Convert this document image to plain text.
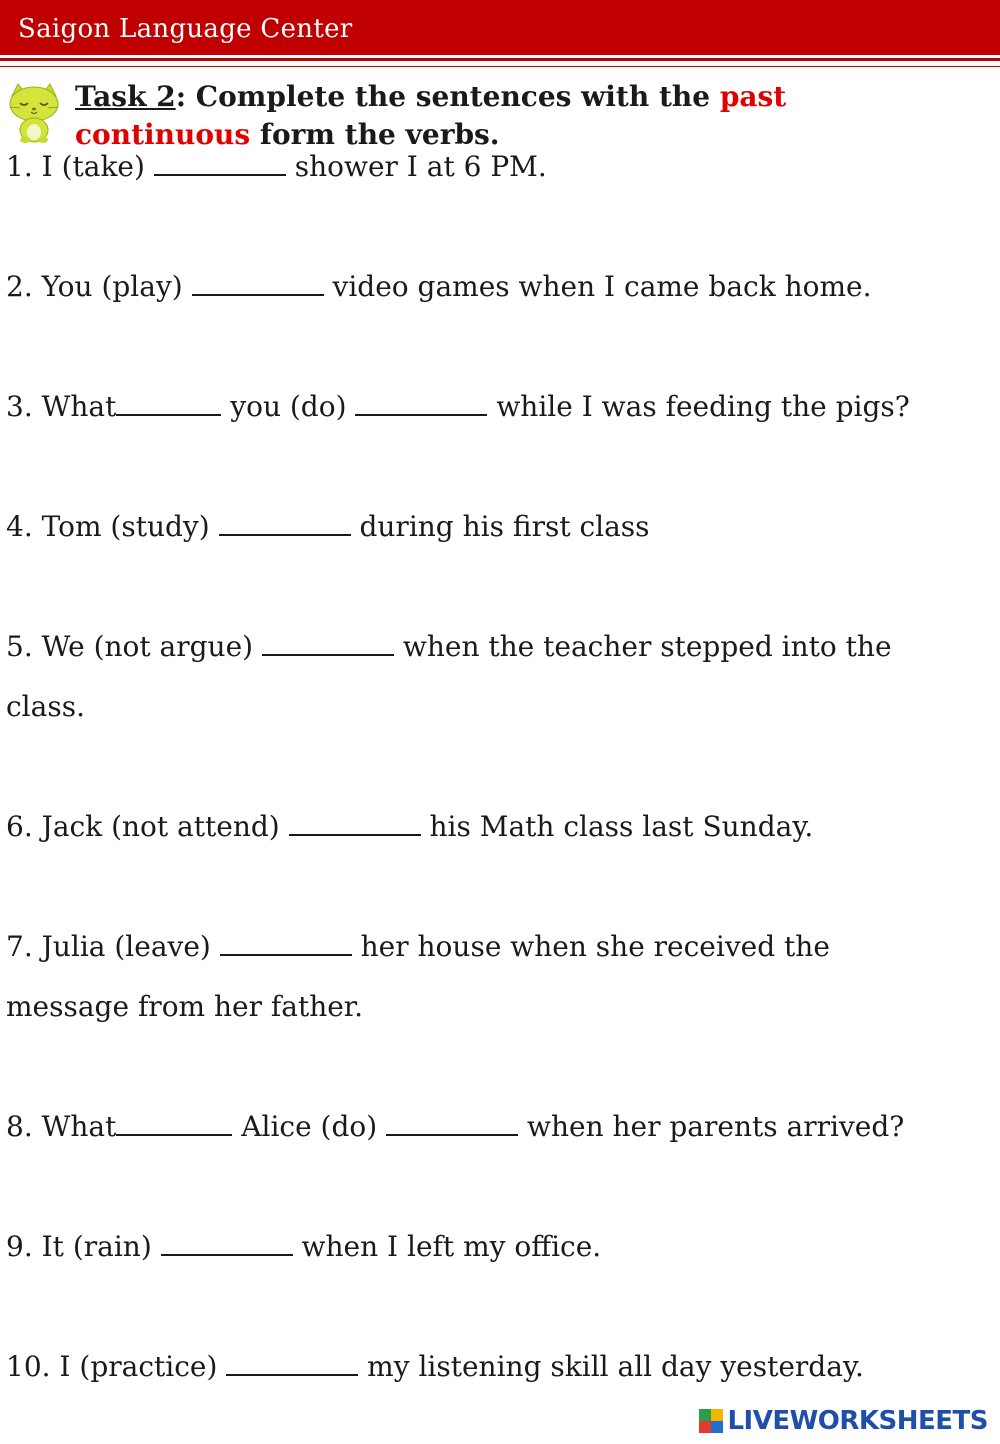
Saigon Language Center
Task 2: Complete the sentences with the past continuous form the verbs.
1. I (take)	shower I at 6 PM.
2. You (play)	video games when I came back home.
3. What	you (do)	while I was feeding the pigs?
4. Tom (study)	during his first class
5. We (not argue)	when the teacher stepped into the
class.
6. Jack (not attend)	his Math class last Sunday.
7. Julia (leave)	her house when she received the
message from her father.
8. What	Alice (do)	when her parents arrived?
9. It (rain)	when I left my office.
10. I (practice)	my listening skill all day yesterday.
LIVEWORKSHEETS
